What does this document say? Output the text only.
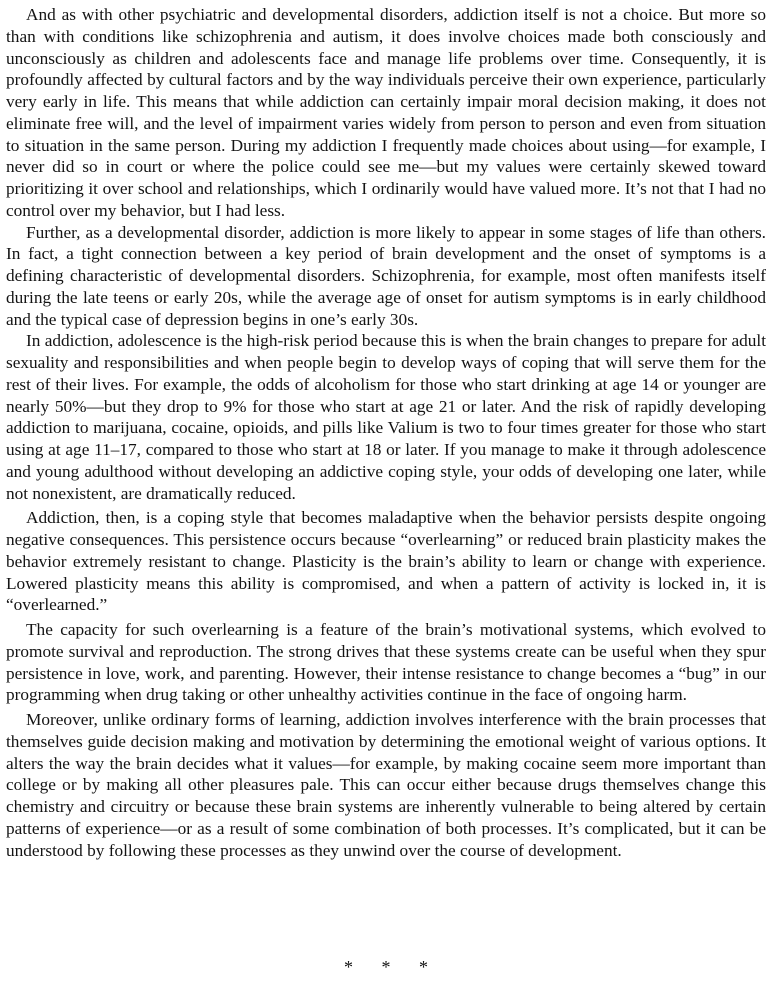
And as with other psychiatric and developmental disorders, addiction itself is not a choice. But more so than with conditions like schizophrenia and autism, it does involve choices made both consciously and unconsciously as children and adolescents face and manage life problems over time. Consequently, it is profoundly affected by cultural factors and by the way individuals perceive their own experience, particularly very early in life. This means that while addiction can certainly impair moral decision making, it does not eliminate free will, and the level of impairment varies widely from person to person and even from situation to situation in the same person. During my addiction I frequently made choices about using—for example, I never did so in court or where the police could see me—but my values were certainly skewed toward prioritizing it over school and relationships, which I ordinarily would have valued more. It’s not that I had no control over my behavior, but I had less.

Further, as a developmental disorder, addiction is more likely to appear in some stages of life than others. In fact, a tight connection between a key period of brain development and the onset of symptoms is a defining characteristic of developmental disorders. Schizophrenia, for example, most often manifests itself during the late teens or early 20s, while the average age of onset for autism symptoms is in early childhood and the typical case of depression begins in one’s early 30s.

In addiction, adolescence is the high-risk period because this is when the brain changes to prepare for adult sexuality and responsibilities and when people begin to develop ways of coping that will serve them for the rest of their lives. For example, the odds of alcoholism for those who start drinking at age 14 or younger are nearly 50%—but they drop to 9% for those who start at age 21 or later. And the risk of rapidly developing addiction to marijuana, cocaine, opioids, and pills like Valium is two to four times greater for those who start using at age 11–17, compared to those who start at 18 or later. If you manage to make it through adolescence and young adulthood without developing an addictive coping style, your odds of developing one later, while not nonexistent, are dramatically reduced.

Addiction, then, is a coping style that becomes maladaptive when the behavior persists despite ongoing negative consequences. This persistence occurs because “overlearning” or reduced brain plasticity makes the behavior extremely resistant to change. Plasticity is the brain’s ability to learn or change with experience. Lowered plasticity means this ability is compromised, and when a pattern of activity is locked in, it is “overlearned.”

The capacity for such overlearning is a feature of the brain’s motivational systems, which evolved to promote survival and reproduction. The strong drives that these systems create can be useful when they spur persistence in love, work, and parenting. However, their intense resistance to change becomes a “bug” in our programming when drug taking or other unhealthy activities continue in the face of ongoing harm.

Moreover, unlike ordinary forms of learning, addiction involves interference with the brain processes that themselves guide decision making and motivation by determining the emotional weight of various options. It alters the way the brain decides what it values—for example, by making cocaine seem more important than college or by making all other pleasures pale. This can occur either because drugs themselves change this chemistry and circuitry or because these brain systems are inherently vulnerable to being altered by certain patterns of experience—or as a result of some combination of both processes. It’s complicated, but it can be understood by following these processes as they unwind over the course of development.

* * *
